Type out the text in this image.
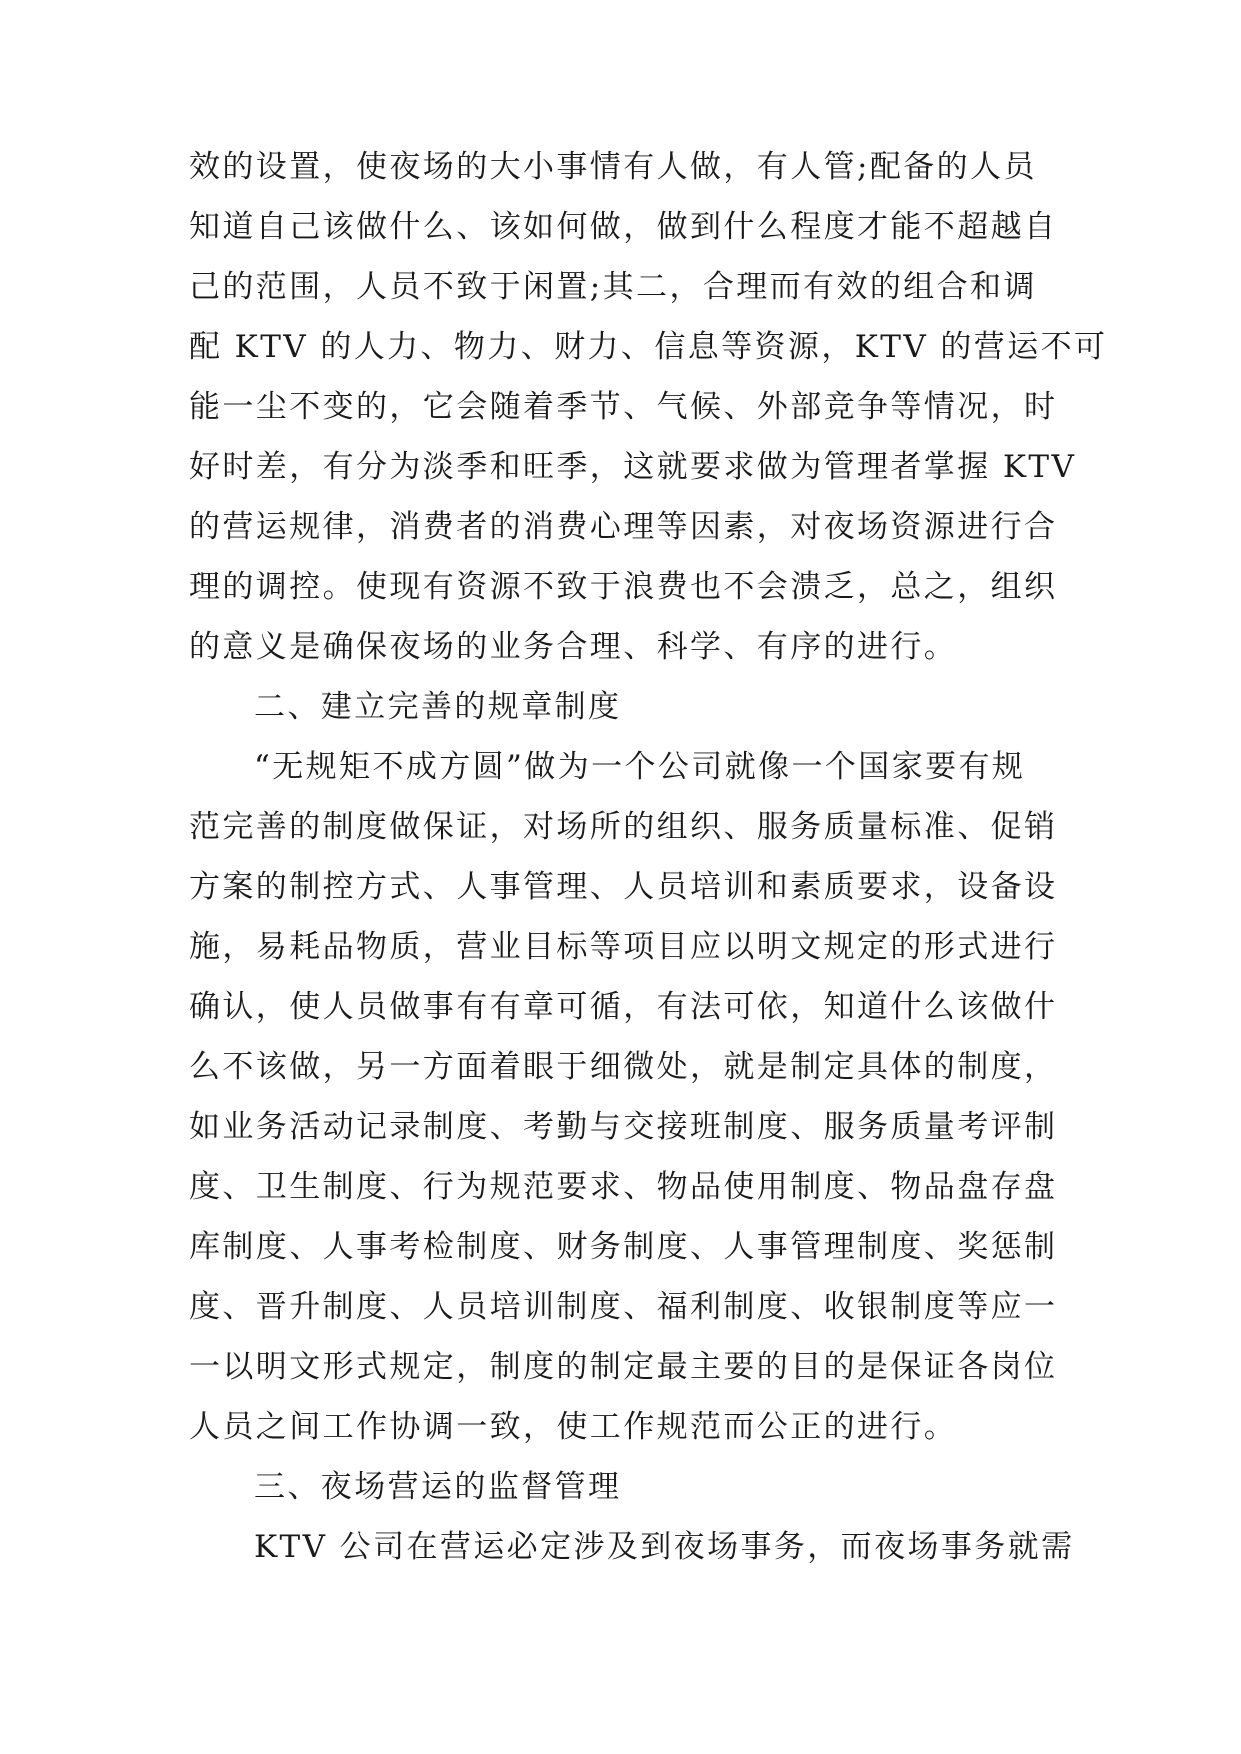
效的设置，使夜场的大小事情有人做，有人管;配备的人员
知道自己该做什么、该如何做，做到什么程度才能不超越自
己的范围，人员不致于闲置;其二，合理而有效的组合和调
配 KTV 的人力、物力、财力、信息等资源，KTV 的营运不可
能一尘不变的，它会随着季节、气候、外部竞争等情况，时
好时差，有分为淡季和旺季，这就要求做为管理者掌握 KTV
的营运规律，消费者的消费心理等因素，对夜场资源进行合
理的调控。使现有资源不致于浪费也不会溃乏，总之，组织
的意义是确保夜场的业务合理、科学、有序的进行。
二、建立完善的规章制度
“无规矩不成方圆”做为一个公司就像一个国家要有规
范完善的制度做保证，对场所的组织、服务质量标准、促销
方案的制控方式、人事管理、人员培训和素质要求，设备设
施，易耗品物质，营业目标等项目应以明文规定的形式进行
确认，使人员做事有有章可循，有法可依，知道什么该做什
么不该做，另一方面着眼于细微处，就是制定具体的制度，
如业务活动记录制度、考勤与交接班制度、服务质量考评制
度、卫生制度、行为规范要求、物品使用制度、物品盘存盘
库制度、人事考检制度、财务制度、人事管理制度、奖惩制
度、晋升制度、人员培训制度、福利制度、收银制度等应一
一以明文形式规定，制度的制定最主要的目的是保证各岗位
人员之间工作协调一致，使工作规范而公正的进行。
三、夜场营运的监督管理
KTV 公司在营运必定涉及到夜场事务，而夜场事务就需
